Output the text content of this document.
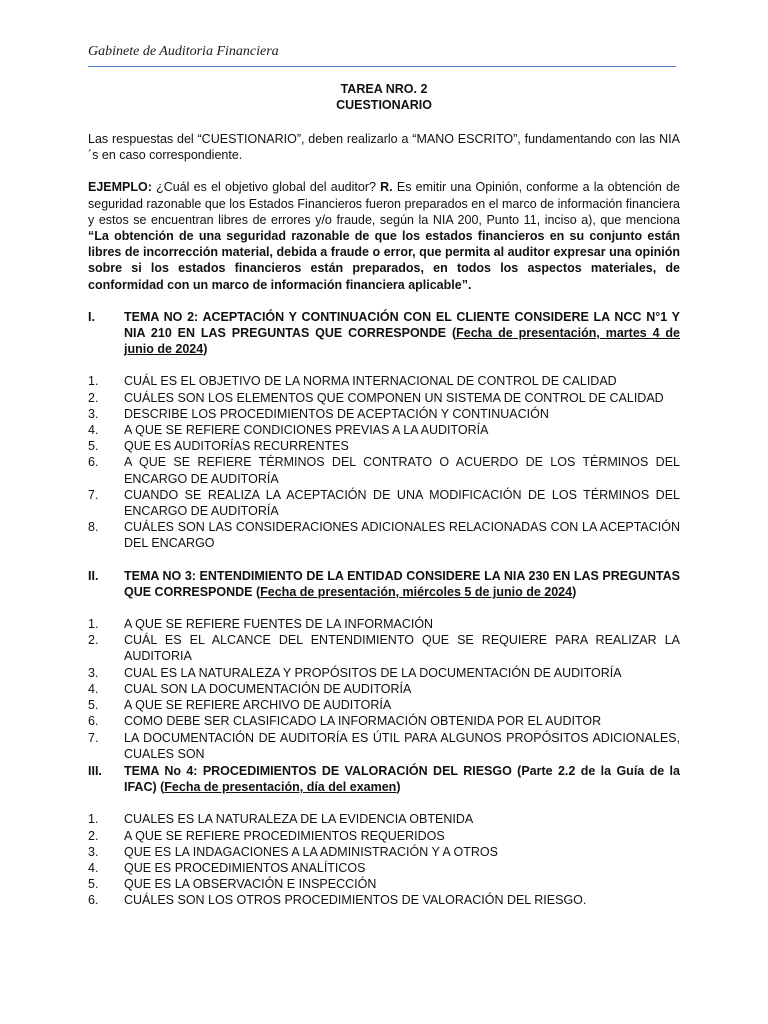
Gabinete de Auditoria Financiera
TAREA NRO. 2
CUESTIONARIO

Las respuestas del “CUESTIONARIO”, deben realizarlo a “MANO ESCRITO”, fundamentando con las NIA´s en caso correspondiente.

EJEMPLO: ¿Cuál es el objetivo global del auditor? R. Es emitir una Opinión, conforme a la obtención de seguridad razonable que los Estados Financieros fueron preparados en el marco de información financiera y estos se encuentran libres de errores y/o fraude, según la NIA 200, Punto 11, inciso a), que menciona “La obtención de una seguridad razonable de que los estados financieros en su conjunto están libres de incorrección material, debida a fraude o error, que permita al auditor expresar una opinión sobre si los estados financieros están preparados, en todos los aspectos materiales, de conformidad con un marco de información financiera aplicable”.

I.	TEMA NO 2: ACEPTACIÓN Y CONTINUACIÓN CON EL CLIENTE CONSIDERE LA NCC N°1 Y NIA 210 EN LAS PREGUNTAS QUE CORRESPONDE (Fecha de presentación, martes 4 de junio de 2024)
1.	CUÁL ES EL OBJETIVO DE LA NORMA INTERNACIONAL DE CONTROL DE CALIDAD
2.	CUÁLES SON LOS ELEMENTOS QUE COMPONEN UN SISTEMA DE CONTROL DE CALIDAD
3.	DESCRIBE LOS PROCEDIMIENTOS DE ACEPTACIÓN Y CONTINUACIÓN
4.	A QUE SE REFIERE CONDICIONES PREVIAS A LA AUDITORÍA
5.	QUE ES AUDITORÍAS RECURRENTES
6.	A QUE SE REFIERE TÉRMINOS DEL CONTRATO O ACUERDO DE LOS TÉRMINOS DEL ENCARGO DE AUDITORÍA
7.	CUANDO SE REALIZA LA ACEPTACIÓN DE UNA MODIFICACIÓN DE LOS TÉRMINOS DEL ENCARGO DE AUDITORÍA
8.	CUÁLES SON LAS CONSIDERACIONES ADICIONALES RELACIONADAS CON LA ACEPTACIÓN DEL ENCARGO
II.	TEMA NO 3: ENTENDIMIENTO DE LA ENTIDAD CONSIDERE LA NIA 230 EN LAS PREGUNTAS QUE CORRESPONDE (Fecha de presentación, miércoles 5 de junio de 2024)
1.	A QUE SE REFIERE FUENTES DE LA INFORMACIÓN
2.	CUÁL ES EL ALCANCE DEL ENTENDIMIENTO QUE SE REQUIERE PARA REALIZAR LA AUDITORIA
3.	CUAL ES LA NATURALEZA Y PROPÓSITOS DE LA DOCUMENTACIÓN DE AUDITORÍA
4.	CUAL SON LA DOCUMENTACIÓN DE AUDITORÍA
5.	A QUE SE REFIERE ARCHIVO DE AUDITORÍA
6.	COMO DEBE SER CLASIFICADO LA INFORMACIÓN OBTENIDA POR EL AUDITOR
7.	LA DOCUMENTACIÓN DE AUDITORÍA ES ÚTIL PARA ALGUNOS PROPÓSITOS ADICIONALES, CUALES SON
III.	TEMA No 4: PROCEDIMIENTOS DE VALORACIÓN DEL RIESGO (Parte 2.2 de la Guía de la IFAC) (Fecha de presentación, día del examen)
1.	CUALES ES LA NATURALEZA DE LA EVIDENCIA OBTENIDA
2.	A QUE SE REFIERE PROCEDIMIENTOS REQUERIDOS
3.	QUE ES LA INDAGACIONES A LA ADMINISTRACIÓN Y A OTROS
4.	QUE ES PROCEDIMIENTOS ANALÍTICOS
5.	QUE ES LA OBSERVACIÓN E INSPECCIÓN
6.	CUÁLES SON LOS OTROS PROCEDIMIENTOS DE VALORACIÓN DEL RIESGO.
